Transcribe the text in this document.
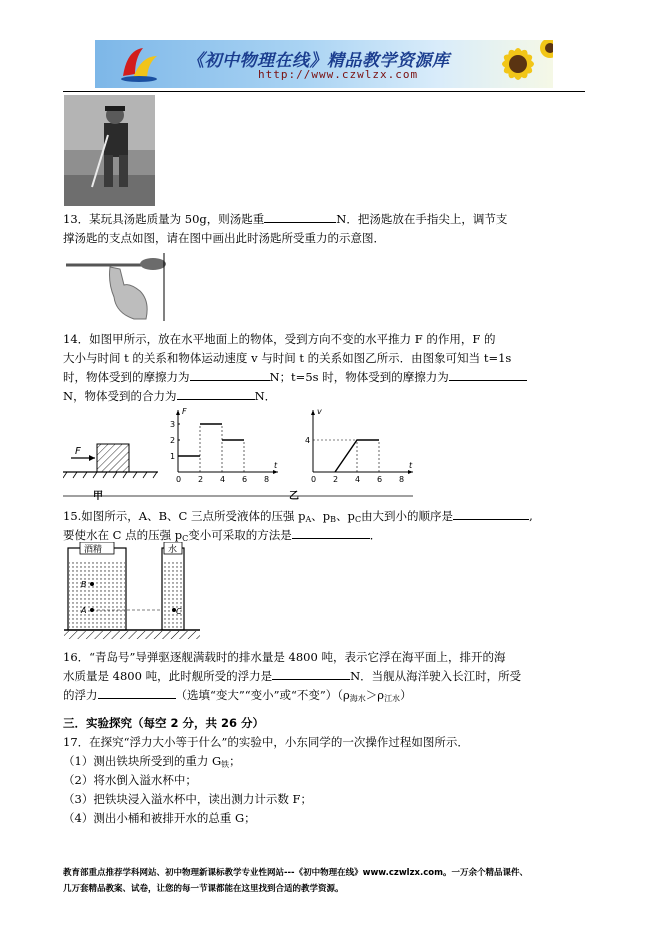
《初中物理在线》精品教学资源库
http://www.czwlzx.com
13．某玩具汤匙质量为 50g，则汤匙重	N．把汤匙放在手指尖上，调节支
撑汤匙的支点如图，请在图中画出此时汤匙所受重力的示意图．
14．如图甲所示，放在水平地面上的物体，受到方向不变的水平推力 F 的作用，F 的
大小与时间 t 的关系和物体运动速度 v 与时间 t 的关系如图乙所示．由图象可知当 t=1s
时，物体受到的摩擦力为	N；t=5s 时，物体受到的摩擦力为
N，物体受到的合力为	N．
F
甲	乙
F
t
0 2 4 6 8
1
2
3
v
t
0 2 4 6 8
4
15.如图所示，A、B、C 三点所受液体的压强 $p_A$、$p_B$、$p_C$由大到小的顺序是	,
要使水在 C 点的压强 $p_C$变小可采取的方法是	．
酒精
B
A
水
C
16．“青岛号”导弹驱逐舰满载时的排水量是 4800 吨，表示它浮在海平面上，排开的海
水质量是 4800 吨，此时舰所受的浮力是	N．当舰从海洋驶入长江时，所受
的浮力	（选填“变大”“变小”或“不变$”)(\rho_{海水}>\rho_{江水})$
三．实验探究（每空 2 分，共 26 分）
17．在探究“浮力大小等于什么”的实验中，小东同学的一次操作过程如图所示．
（1）测出铁块所受到的重力 $G_铁$；
（2）将水倒入溢水杯中；
（3）把铁块浸入溢水杯中，读出测力计示数 F；
（4）测出小桶和被排开水的总重 G；
教育部重点推荐学科网站、初中物理新课标教学专业性网站---《初中物理在线》www.czwlzx.com。一万余个精品课件、
几万套精品教案、试卷，让您的每一节课都能在这里找到合适的教学资源。
